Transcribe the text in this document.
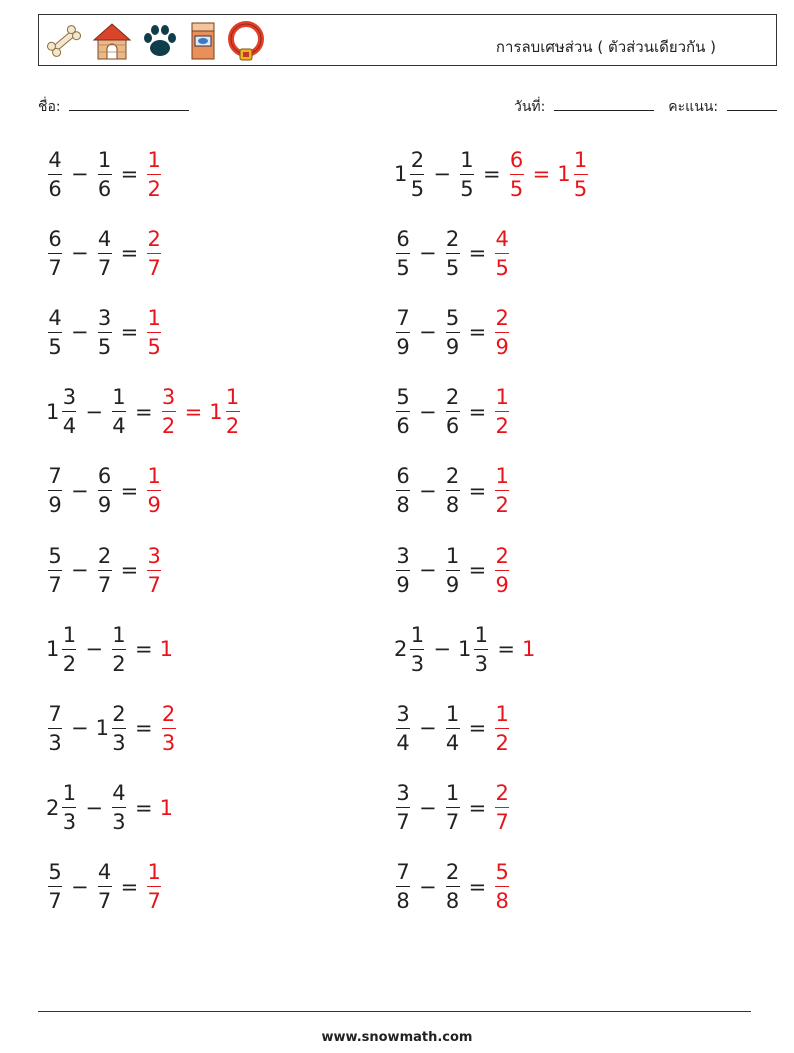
การลบเศษส่วน ( ตัวส่วนเดียวกัน )
ชื่อ:	วันที่:	คะแนน:
$\frac{4}{6} - \frac{1}{6} = \frac{1}{2}$	$1 \frac{2}{5} - \frac{1}{5} = \frac{6}{5} = 1 \frac{1}{5}$
$\frac{6}{7} - \frac{4}{7} = \frac{2}{7}$	$\frac{6}{5} - \frac{2}{5} = \frac{4}{5}$
$\frac{4}{5} - \frac{3}{5} = \frac{1}{5}$	$\frac{7}{9} - \frac{5}{9} = \frac{2}{9}$
$1 \frac{3}{4} - \frac{1}{4} = \frac{3}{2} = 1 \frac{1}{2}$	$\frac{5}{6} - \frac{2}{6} = \frac{1}{2}$
$\frac{7}{9} - \frac{6}{9} = \frac{1}{9}$	$\frac{6}{8} - \frac{2}{8} = \frac{1}{2}$
$\frac{5}{7} - \frac{2}{7} = \frac{3}{7}$	$\frac{3}{9} - \frac{1}{9} = \frac{2}{9}$
$1 \frac{1}{2} - \frac{1}{2} = 1$	$2 \frac{1}{3} - 1 \frac{1}{3} = 1$
$\frac{7}{3} - 1 \frac{2}{3} = \frac{2}{3}$	$\frac{3}{4} - \frac{1}{4} = \frac{1}{2}$
$2 \frac{1}{3} - \frac{4}{3} = 1$	$\frac{3}{7} - \frac{1}{7} = \frac{2}{7}$
$\frac{5}{7} - \frac{4}{7} = \frac{1}{7}$	$\frac{7}{8} - \frac{2}{8} = \frac{5}{8}$
www.snowmath.com
